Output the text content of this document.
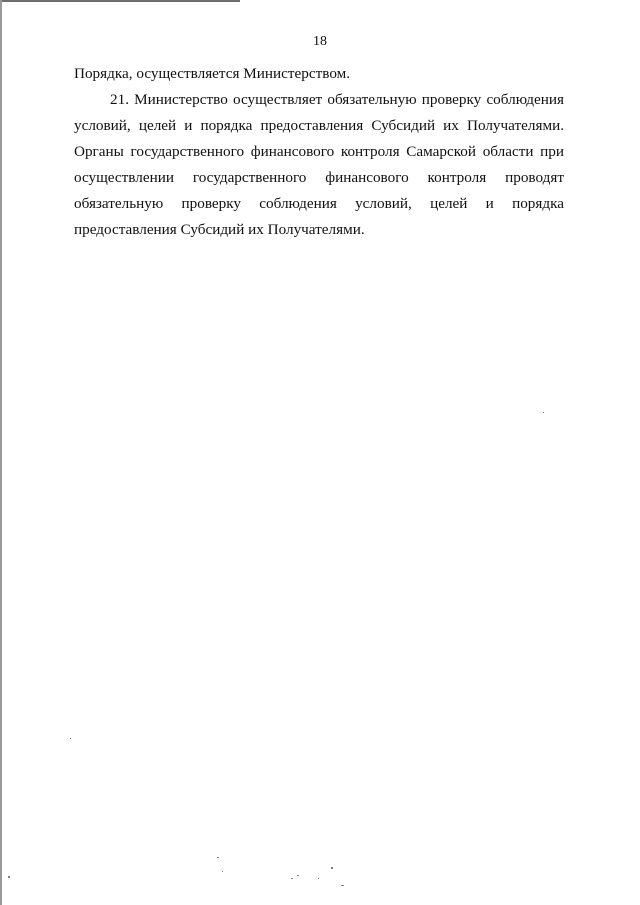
18
Порядка, осуществляется Министерством.
21. Министерство осуществляет обязательную проверку соблюдения
условий, целей и порядка предоставления Субсидий их Получателями.
Органы государственного финансового контроля Самарской области при
осуществлении государственного финансового контроля проводят
обязательную проверку соблюдения условий, целей и порядка
предоставления Субсидий их Получателями.
